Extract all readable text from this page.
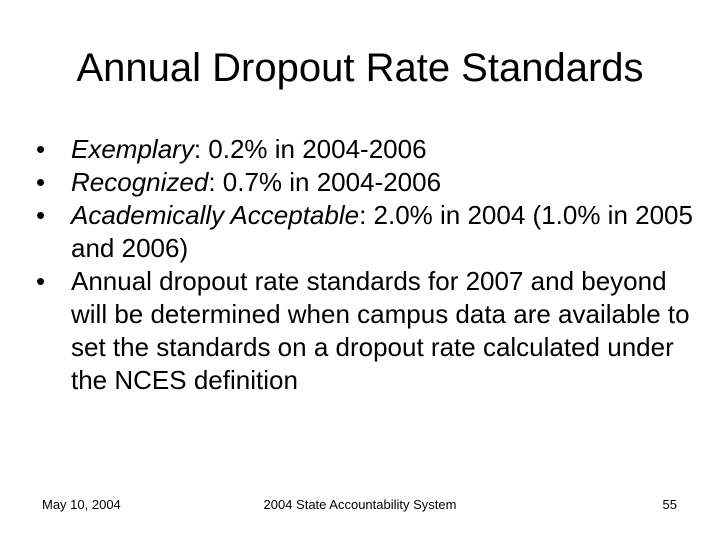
Annual Dropout Rate Standards
• Exemplary: 0.2% in 2004-2006
• Recognized: 0.7% in 2004-2006
• Academically Acceptable: 2.0% in 2004 (1.0% in 2005 and 2006)
• Annual dropout rate standards for 2007 and beyond will be determined when campus data are available to set the standards on a dropout rate calculated under the NCES definition
May 10, 2004	2004 State Accountability System	55
